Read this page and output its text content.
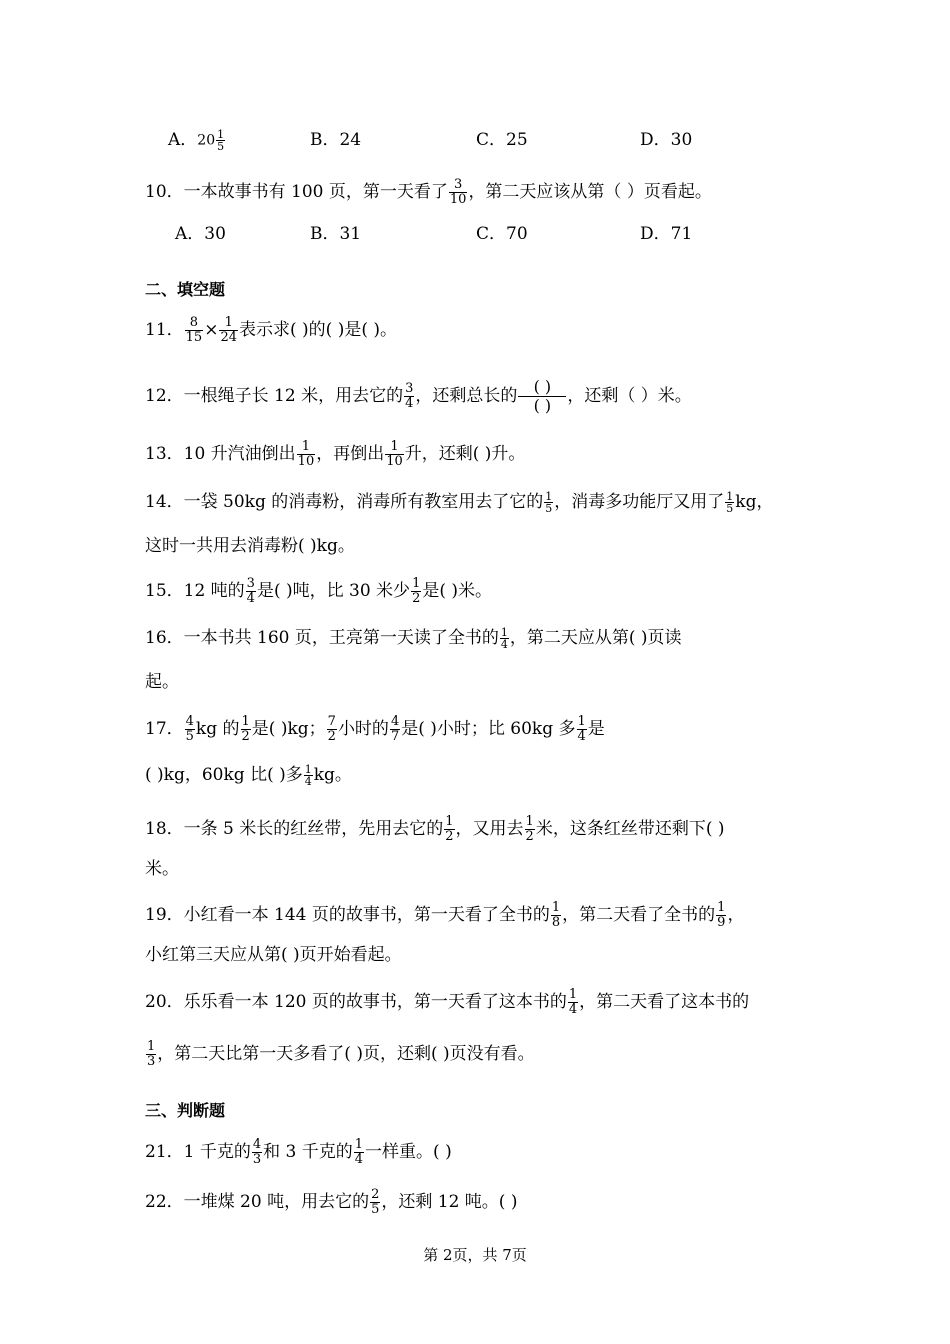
A．$20 \frac{1}{5}$	B．24	C．25	D．30
10．一本故事书有 100 页，第一天看了 $\frac{3}{10}$ ，第二天应该从第（ ）页看起。
A．30	B．31	C．70	D．71
二、填空题
11． $\frac{8}{15} \times \frac{1}{24}$ 表示求( )的( )是( )。
12．一根绳子长 12 米，用去它的 $\frac{3}{4}$ ，还剩总长的 $\frac{( )}{( )}$ ，还剩（ ）米。
13．10 升汽油倒出 $\frac{1}{10}$ ，再倒出 $\frac{1}{10}$ 升，还剩( )升。
14．一袋 50kg 的消毒粉，消毒所有教室用去了它的 $\frac{1}{5}$ ，消毒多功能厅又用了 $\frac{1}{5}$ kg，
这时一共用去消毒粉( )kg。
15．12 吨的 $\frac{3}{4}$ 是( )吨，比 30 米少 $\frac{1}{2}$ 是( )米。
16．一本书共 160 页，王亮第一天读了全书的 $\frac{1}{4}$ ，第二天应从第( )页读
起。
17． $\frac{4}{5}$ kg 的 $\frac{1}{2}$ 是( )kg； $\frac{7}{2}$ 小时的 $\frac{4}{7}$ 是( )小时；比 60kg 多 $\frac{1}{4}$ 是
( )kg，60kg 比( )多 $\frac{1}{4}$ kg。
18．一条 5 米长的红丝带，先用去它的 $\frac{1}{2}$ ，又用去 $\frac{1}{2}$ 米，这条红丝带还剩下( )
米。
19．小红看一本 144 页的故事书，第一天看了全书的 $\frac{1}{8}$ ，第二天看了全书的 $\frac{1}{9}$ ，
小红第三天应从第( )页开始看起。
20．乐乐看一本 120 页的故事书，第一天看了这本书的 $\frac{1}{4}$ ，第二天看了这本书的
$\frac{1}{3}$ ，第二天比第一天多看了( )页，还剩( )页没有看。
三、判断题
21．1 千克的 $\frac{4}{3}$ 和 3 千克的 $\frac{1}{4}$ 一样重。( )
22．一堆煤 20 吨，用去它的 $\frac{2}{5}$ ，还剩 12 吨。( )
第 2页，共 7页
